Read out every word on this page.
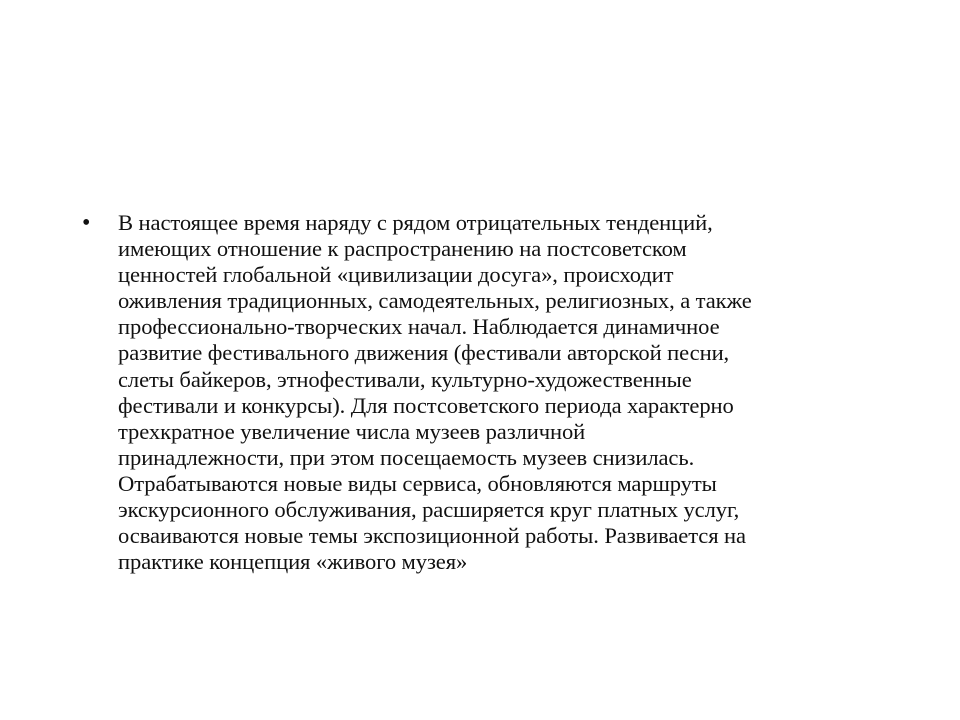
• В настоящее время наряду с рядом отрицательных тенденций,
имеющих отношение к распространению на постсоветском
ценностей глобальной «цивилизации досуга», происходит
оживления традиционных, самодеятельных, религиозных, а также
профессионально-творческих начал. Наблюдается динамичное
развитие фестивального движения (фестивали авторской песни,
слеты байкеров, этнофестивали, культурно-художественные
фестивали и конкурсы). Для постсоветского периода характерно
трехкратное увеличение числа музеев различной
принадлежности, при этом посещаемость музеев снизилась.
Отрабатываются новые виды сервиса, обновляются маршруты
экскурсионного обслуживания, расширяется круг платных услуг,
осваиваются новые темы экспозиционной работы. Развивается на
практике концепция «живого музея»
